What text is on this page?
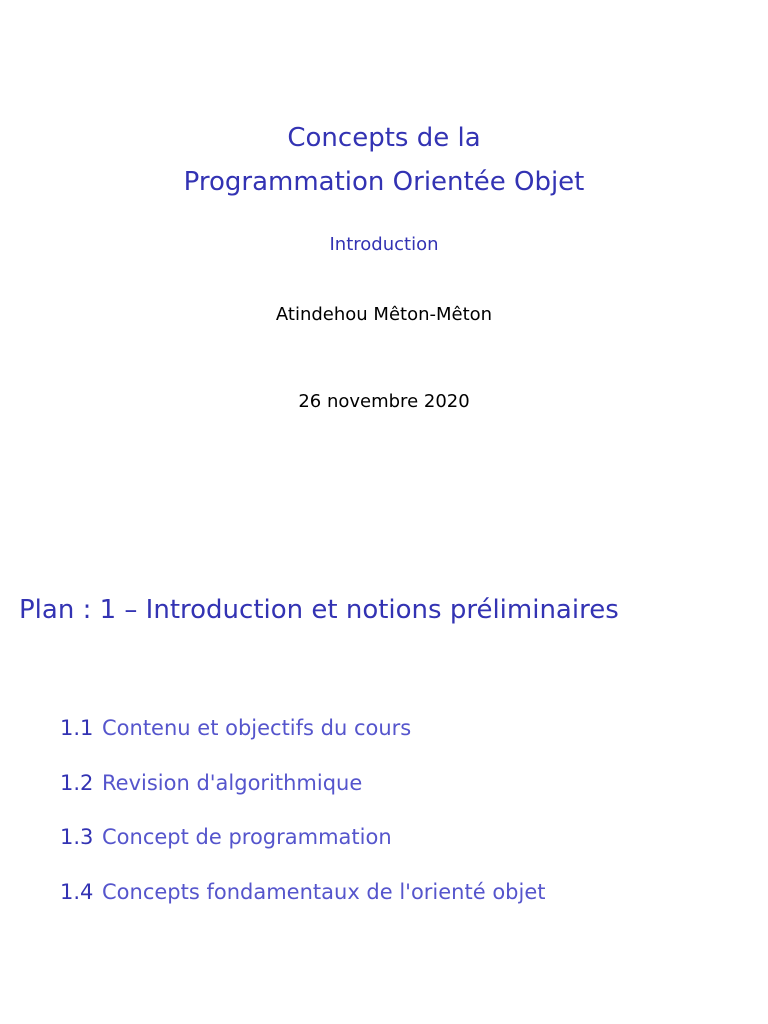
Concepts de la
Programmation Orientée Objet
Introduction
Atindehou Mêton-Mêton
26 novembre 2020
Plan : 1 – Introduction et notions préliminaires
1.1 Contenu et objectifs du cours
1.2 Revision d'algorithmique
1.3 Concept de programmation
1.4 Concepts fondamentaux de l'orienté objet
